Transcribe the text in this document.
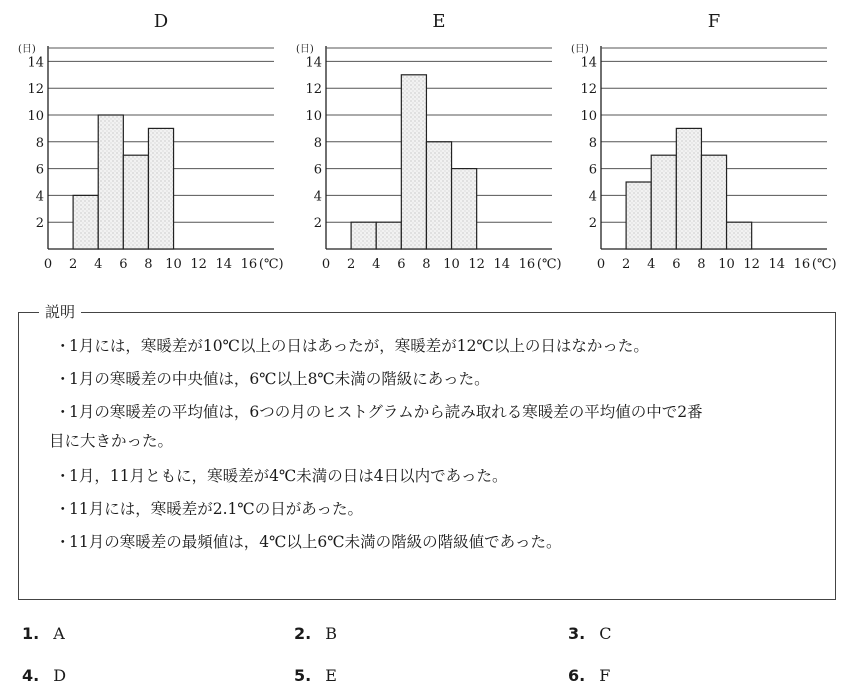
D
(日)
2
4
6
8
10
12
14
0 2 4 6 8 10 12 14 16 (℃)
E
(日)
2
4
6
8
10
12
14
0 2 4 6 8 10 12 14 16 (℃)
F
(日)
2
4
6
8
10
12
14
0 2 4 6 8 10 12 14 16 (℃)
説明
・1月には，寒暖差が10℃以上の日はあったが，寒暖差が12℃以上の日はなかった。
・1月の寒暖差の中央値は，6℃以上8℃未満の階級にあった。
・1月の寒暖差の平均値は，6つの月のヒストグラムから読み取れる寒暖差の平均値の中で2番
目に大きかった。
・1月，11月ともに，寒暖差が4℃未満の日は4日以内であった。
・11月には，寒暖差が2.1℃の日があった。
・11月の寒暖差の最頻値は，4℃以上6℃未満の階級の階級値であった。
1. A	2. B	3. C
4. D	5. E	6. F
